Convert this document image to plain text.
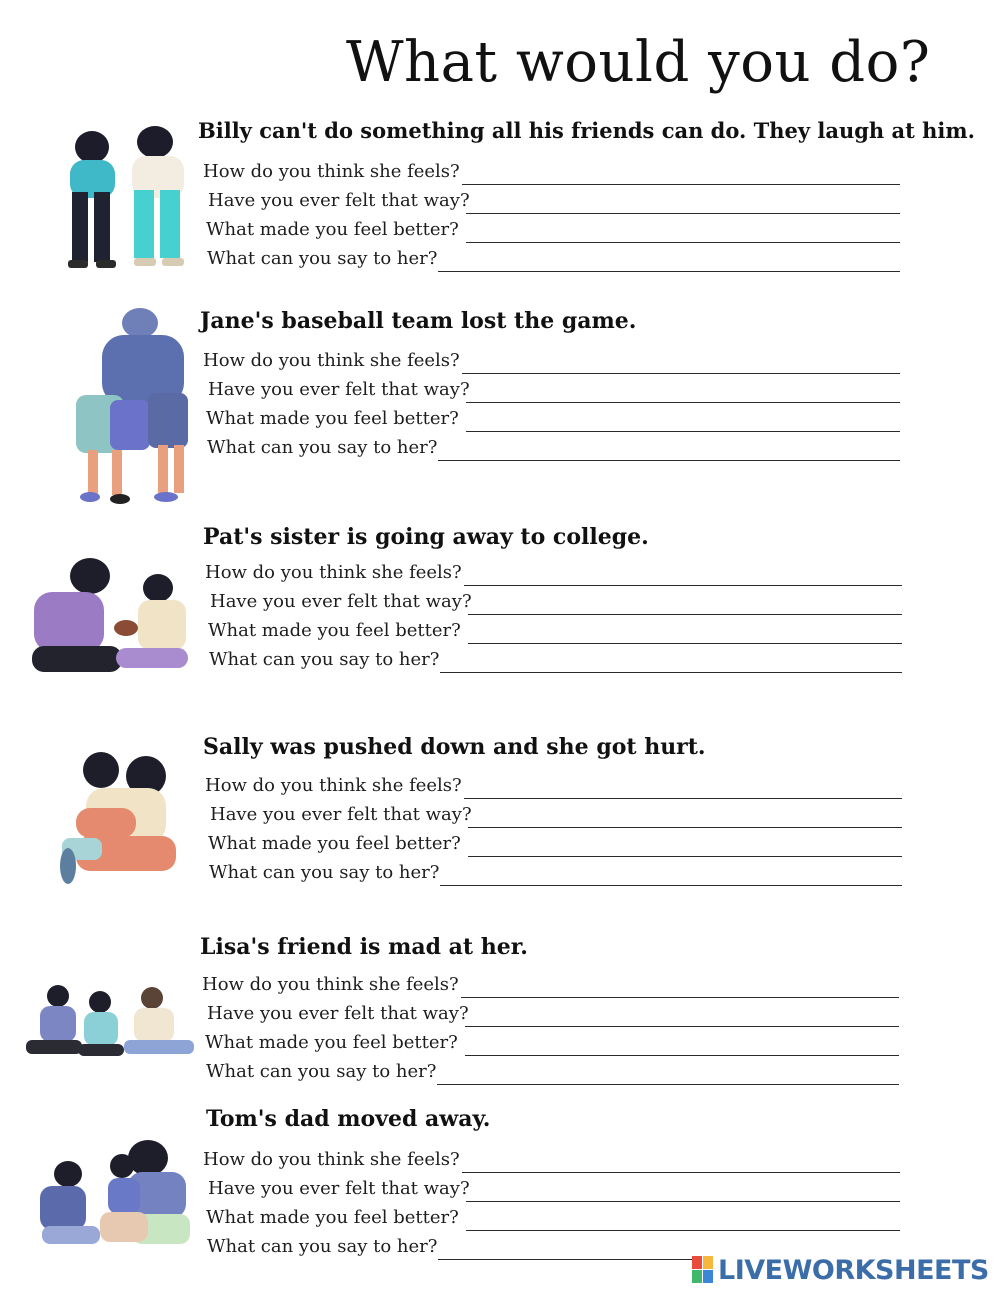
What would you do?
Billy can't do something all his friends can do. They laugh at him.
How do you think she feels?
Have you ever felt that way?
What made you feel better?
What can you say to her?
Jane's baseball team lost the game.
How do you think she feels?
Have you ever felt that way?
What made you feel better?
What can you say to her?
Pat's sister is going away to college.
How do you think she feels?
Have you ever felt that way?
What made you feel better?
What can you say to her?
Sally was pushed down and she got hurt.
How do you think she feels?
Have you ever felt that way?
What made you feel better?
What can you say to her?
Lisa's friend is mad at her.
How do you think she feels?
Have you ever felt that way?
What made you feel better?
What can you say to her?
Tom's dad moved away.
How do you think she feels?
Have you ever felt that way?
What made you feel better?
What can you say to her?
LIVEWORKSHEETS
